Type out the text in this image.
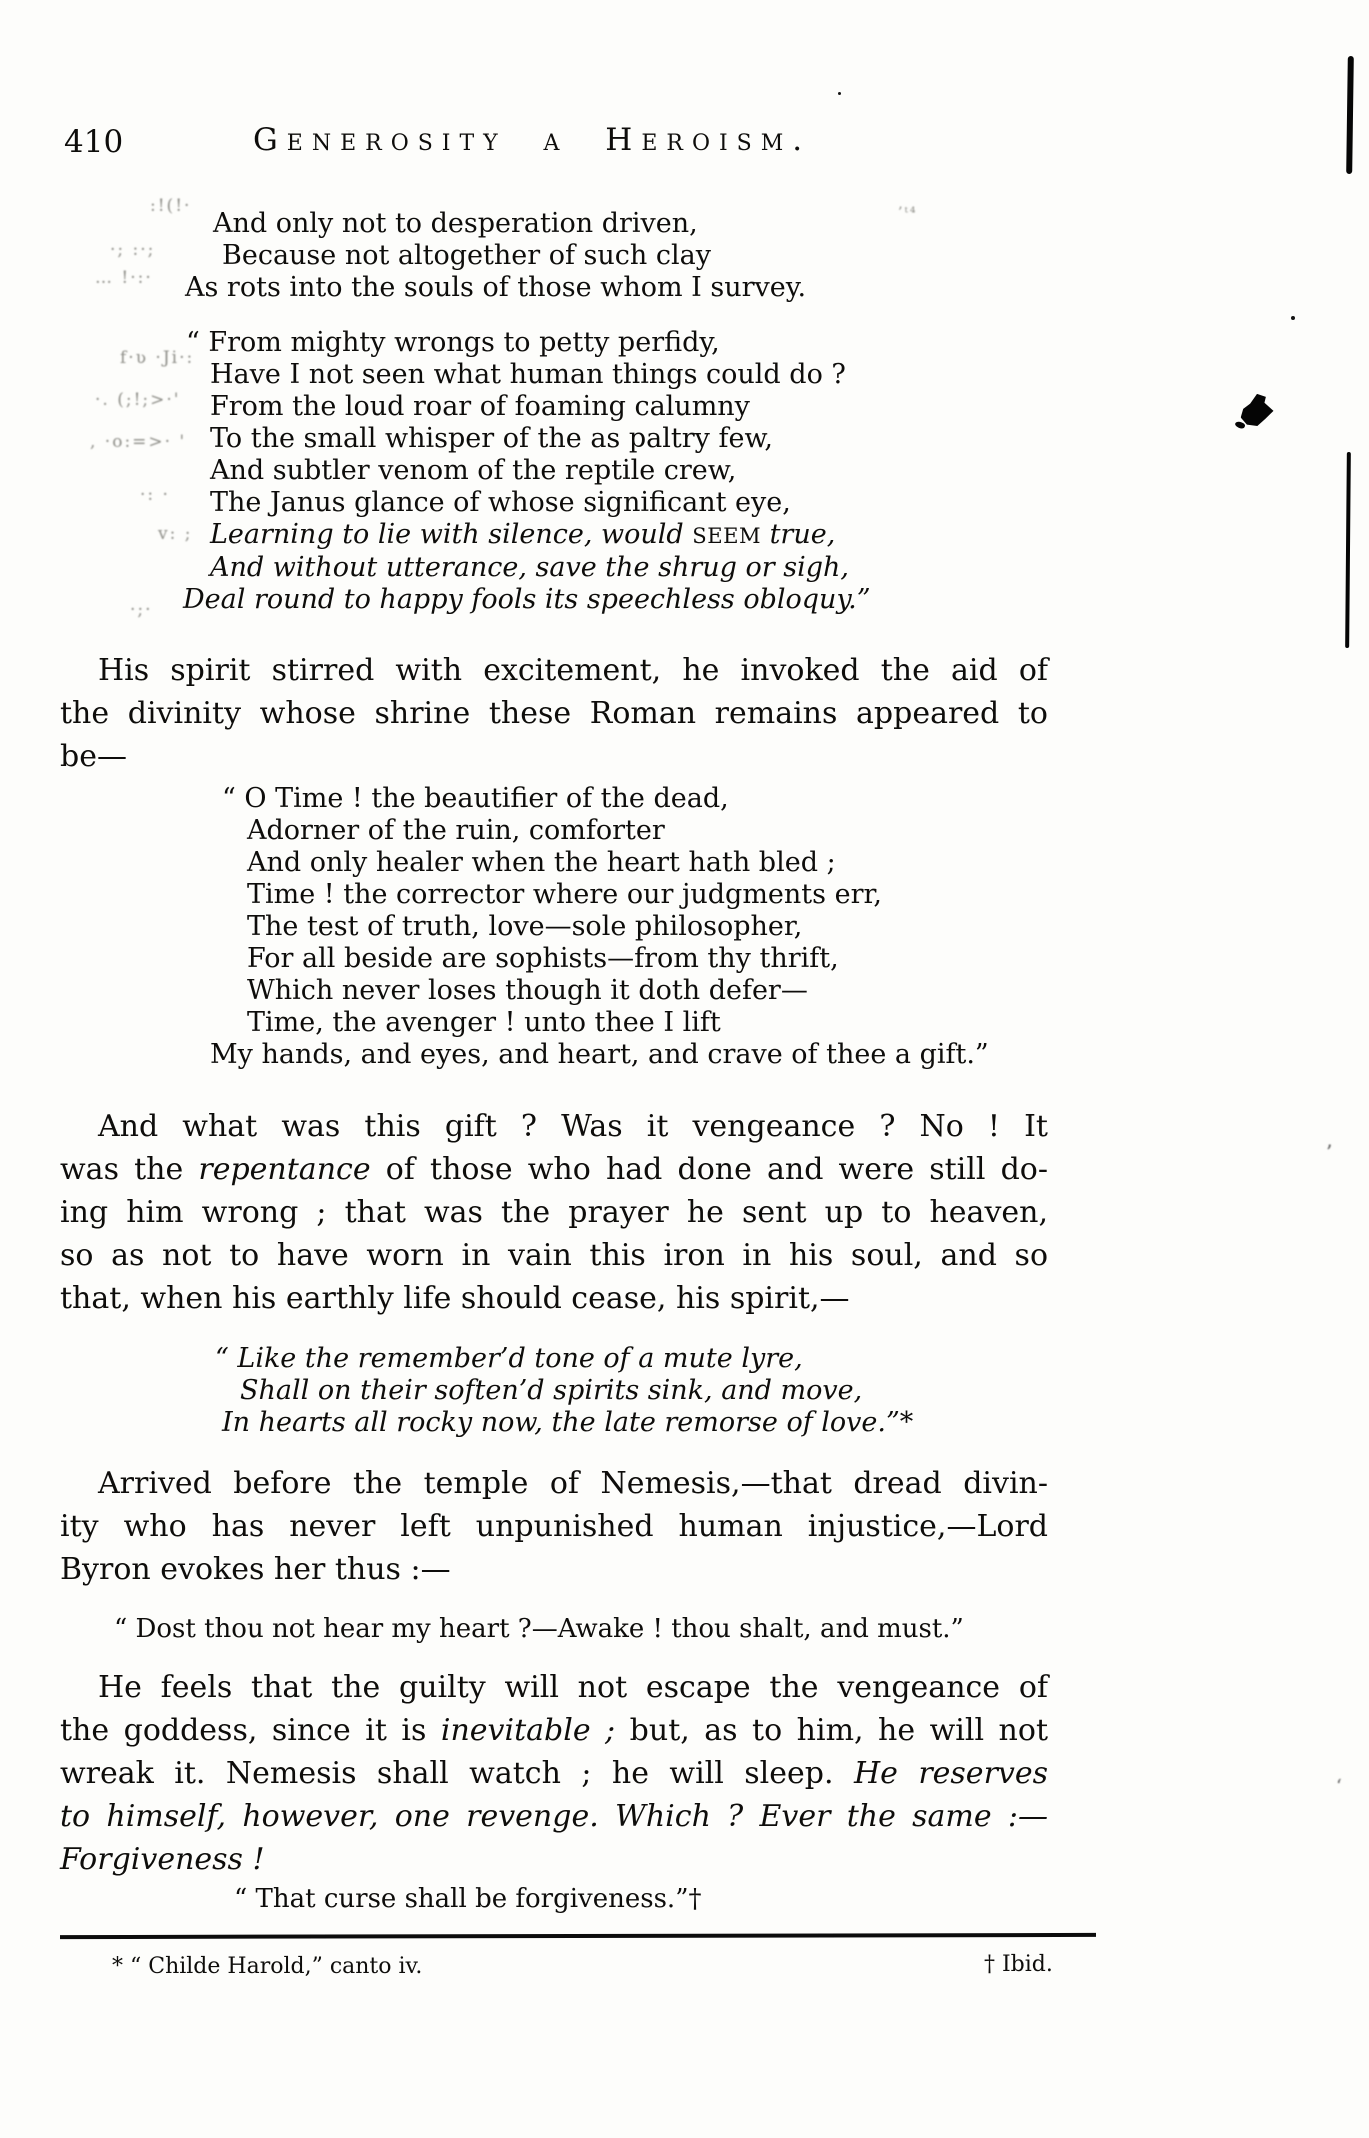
410	Generosity a Heroism.
And only not to desperation driven,
Because not altogether of such clay
As rots into the souls of those whom I survey.
“ From mighty wrongs to petty perfidy,
Have I not seen what human things could do ?
From the loud roar of foaming calumny
To the small whisper of the as paltry few,
And subtler venom of the reptile crew,
The Janus glance of whose significant eye,
Learning to lie with silence, would SEEM true,
And without utterance, save the shrug or sigh,
Deal round to happy fools its speechless obloquy.”
His spirit stirred with excitement, he invoked the aid of
the divinity whose shrine these Roman remains appeared to
be—
“ O Time ! the beautifier of the dead,
Adorner of the ruin, comforter
And only healer when the heart hath bled ;
Time ! the corrector where our judgments err,
The test of truth, love—sole philosopher,
For all beside are sophists—from thy thrift,
Which never loses though it doth defer—
Time, the avenger ! unto thee I lift
My hands, and eyes, and heart, and crave of thee a gift.”
And what was this gift ? Was it vengeance ? No ! It
was the repentance of those who had done and were still do-
ing him wrong ; that was the prayer he sent up to heaven,
so as not to have worn in vain this iron in his soul, and so
that, when his earthly life should cease, his spirit,—
“ Like the remember’d tone of a mute lyre,
Shall on their soften’d spirits sink, and move,
In hearts all rocky now, the late remorse of love.”*
Arrived before the temple of Nemesis,—that dread divin-
ity who has never left unpunished human injustice,—Lord
Byron evokes her thus :—
“ Dost thou not hear my heart ?—Awake ! thou shalt, and must.”
He feels that the guilty will not escape the vengeance of
the goddess, since it is inevitable ; but, as to him, he will not
wreak it. Nemesis shall watch ; he will sleep. He reserves
to himself, however, one revenge. Which ? Ever the same :—
Forgiveness !
“ That curse shall be forgiveness.”†
* “ Childe Harold,” canto iv.	† Ibid.
:!(!·
·; :·;
… !·:·
f·ʋ ·Ji·:
·. (;!;>·'
, ·o:=>· '
·: ·
v: ;
·;·
’ᵗ⁴
’
‘
